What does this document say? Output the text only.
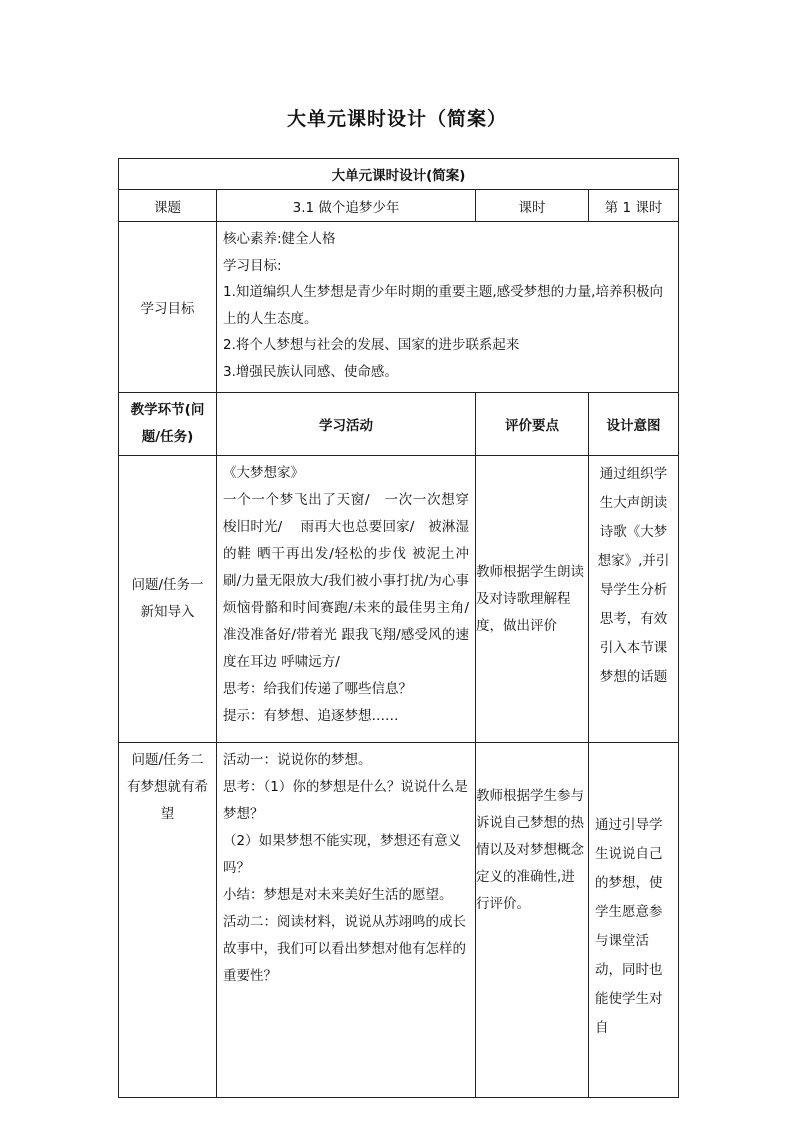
大单元课时设计（简案）
大单元课时设计(简案)			
课题	3.1 做个追梦少年	课时	第 1 课时
学习目标	核心素养:健全人格

学习目标:

1.知道编织人生梦想是青少年时期的重要主题,感受梦想的力量,培养积极向上的人生态度。

2.将个人梦想与社会的发展、国家的进步联系起来

3.增强民族认同感、使命感。		

教学环节(问题/任务)	学习活动	评价要点	设计意图
问题/任务一新知导入	《大梦想家》

一个一个梦飞出了天窗/　一次一次想穿梭旧时光/　 雨再大也总要回家/　被淋湿的鞋 晒干再出发/轻松的步伐 被泥土冲刷/力量无限放大/我们被小事打扰/为心事烦恼骨骼和时间赛跑/未来的最佳男主角/准没准备好/带着光 跟我飞翔/感受风的速度在耳边 呼啸远方/

思考：给我们传递了哪些信息？

提示：有梦想、追逐梦想……	教师根据学生朗读及对诗歌理解程度，做出评价	通过组织学生大声朗读诗歌《大梦想家》,并引导学生分析思考，有效引入本节课梦想的话题
问题/任务二有梦想就有希望	活动一：说说你的梦想。

思考：（1）你的梦想是什么？说说什么是梦想？

（2）如果梦想不能实现，梦想还有意义吗？

小结：梦想是对未来美好生活的愿望。

活动二：阅读材料，说说从苏翊鸣的成长故事中，我们可以看出梦想对他有怎样的重要性？	教师根据学生参与诉说自己梦想的热情以及对梦想概念定义的准确性,进行评价。	通过引导学生说说自己的梦想，使学生愿意参与课堂活动，同时也能使学生对自
